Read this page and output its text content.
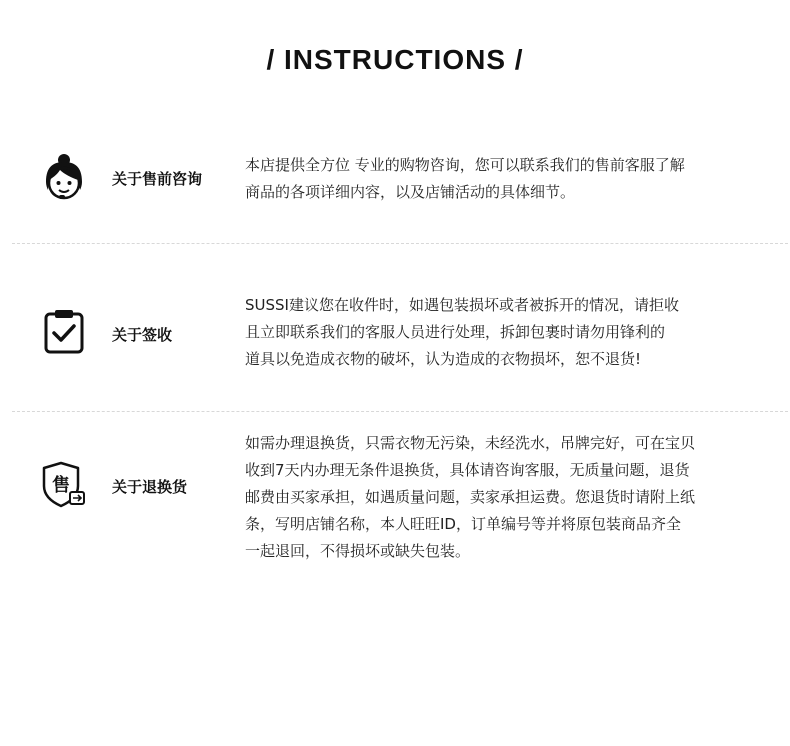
/ INSTRUCTIONS /
关于售前咨询
本店提供全方位 专业的购物咨询，您可以联系我们的售前客服了解
商品的各项详细内容，以及店铺活动的具体细节。
关于签收
SUSSI建议您在收件时，如遇包装损坏或者被拆开的情况，请拒收
且立即联系我们的客服人员进行处理，拆卸包裹时请勿用锋利的
道具以免造成衣物的破坏，认为造成的衣物损坏，恕不退货!
售	关于退换货
如需办理退换货，只需衣物无污染，未经洗水，吊牌完好，可在宝贝
收到7天内办理无条件退换货，具体请咨询客服，无质量问题，退货
邮费由买家承担，如遇质量问题，卖家承担运费。您退货时请附上纸
条，写明店铺名称，本人旺旺ID，订单编号等并将原包装商品齐全
一起退回，不得损坏或缺失包装。
